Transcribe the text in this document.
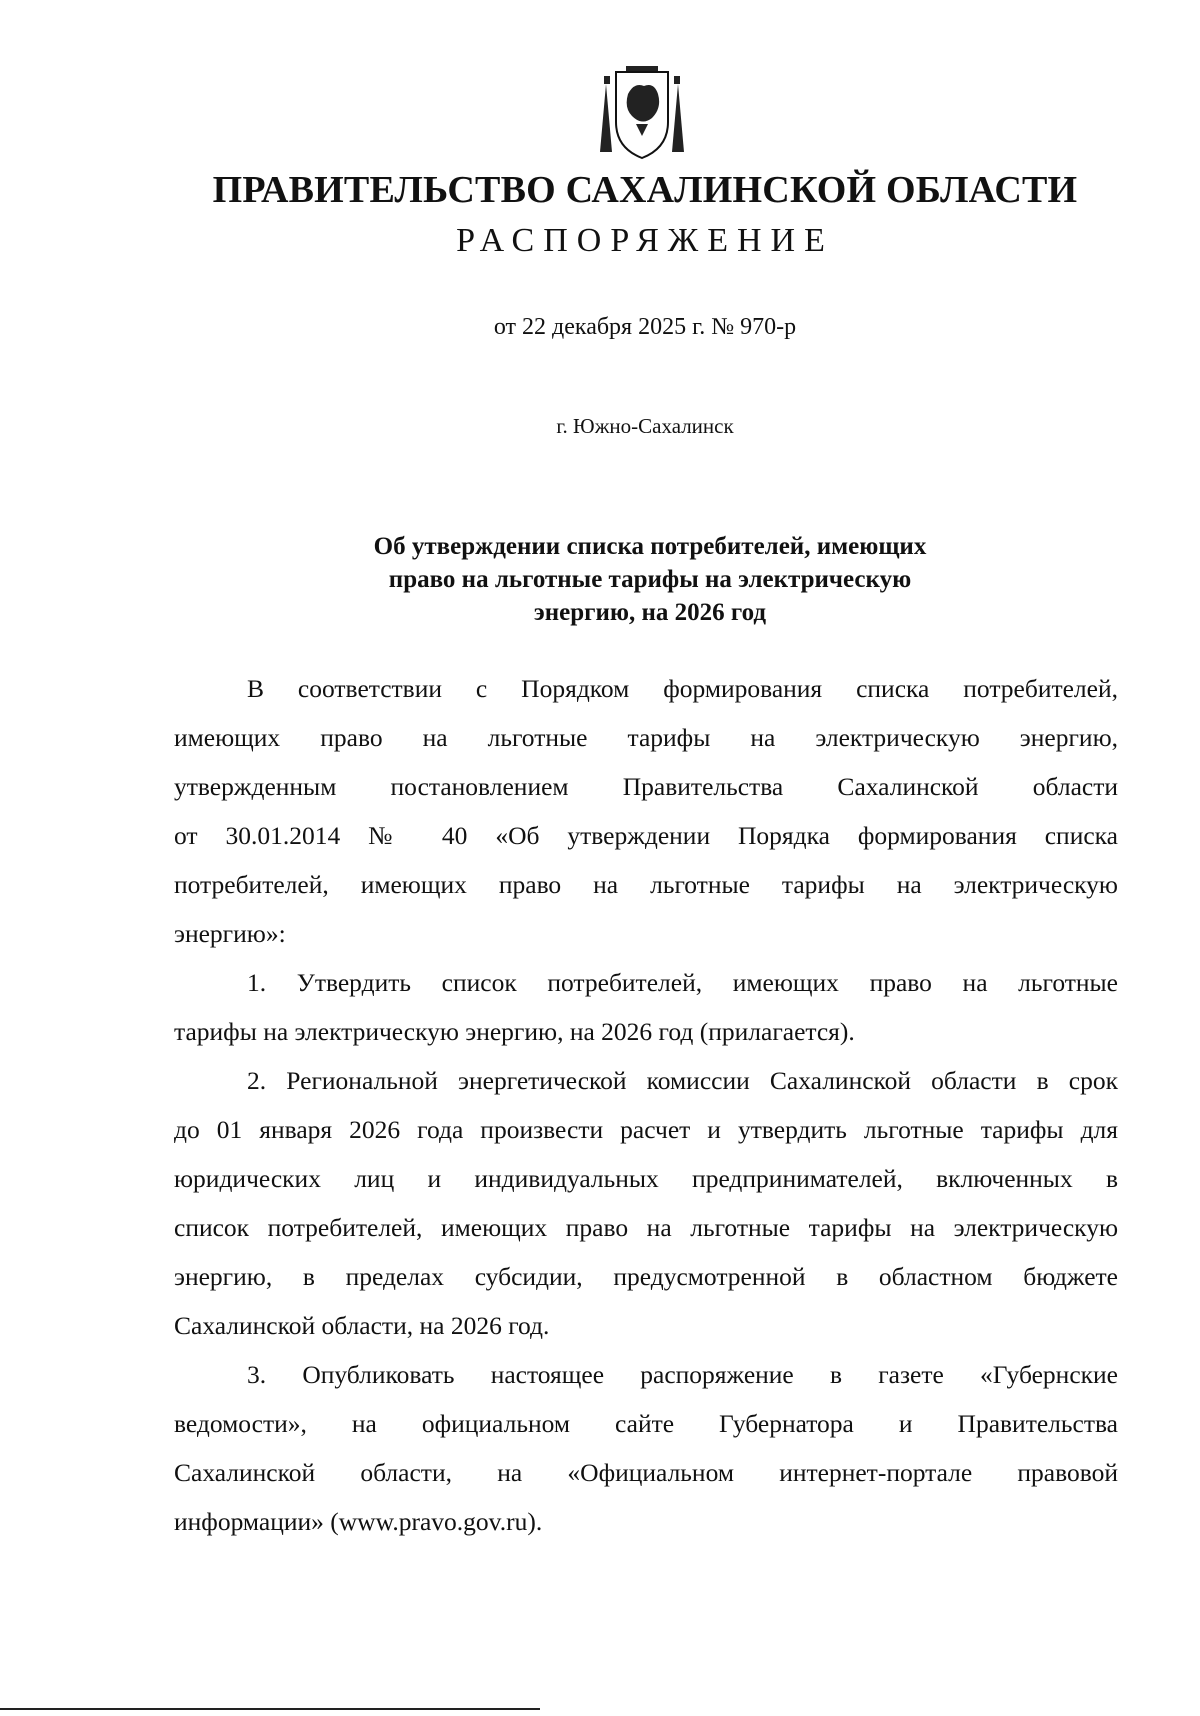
ПРАВИТЕЛЬСТВО САХАЛИНСКОЙ ОБЛАСТИ
РАСПОРЯЖЕНИЕ
от 22 декабря 2025 г. № 970-р
г. Южно-Сахалинск
Об утверждении списка потребителей, имеющих
право на льготные тарифы на электрическую
энергию, на 2026 год
В соответствии с Порядком формирования списка потребителей,
имеющих право на льготные тарифы на электрическую энергию,
утвержденным постановлением Правительства Сахалинской области
от 30.01.2014 № 40 «Об утверждении Порядка формирования списка
потребителей, имеющих право на льготные тарифы на электрическую
энергию»:
1. Утвердить список потребителей, имеющих право на льготные
тарифы на электрическую энергию, на 2026 год (прилагается).
2. Региональной энергетической комиссии Сахалинской области в срок
до 01 января 2026 года произвести расчет и утвердить льготные тарифы для
юридических лиц и индивидуальных предпринимателей, включенных в
список потребителей, имеющих право на льготные тарифы на электрическую
энергию, в пределах субсидии, предусмотренной в областном бюджете
Сахалинской области, на 2026 год.
3. Опубликовать настоящее распоряжение в газете «Губернские
ведомости», на официальном сайте Губернатора и Правительства
Сахалинской области, на «Официальном интернет-портале правовой
информации» (www.pravo.gov.ru).
